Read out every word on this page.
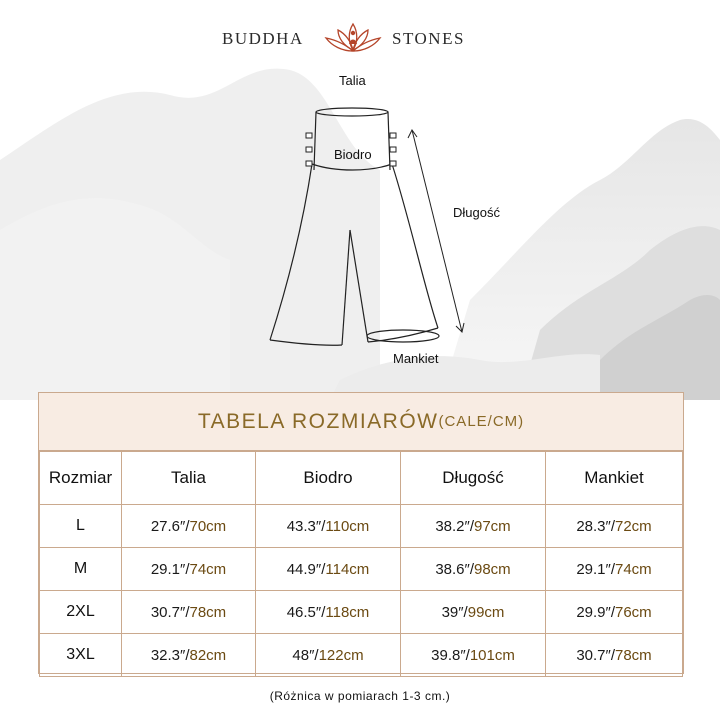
BUDDHA	STONES
Talia
Biodro
Długość
Mankiet
TABELA ROZMIARÓW (CALE/CM)
Rozmiar	Talia	Biodro	Długość	Mankiet
L	27.6″/70cm	43.3″/110cm	38.2″/97cm	28.3″/72cm
M	29.1″/74cm	44.9″/114cm	38.6″/98cm	29.1″/74cm
2XL	30.7″/78cm	46.5″/118cm	39″/99cm	29.9″/76cm
3XL	32.3″/82cm	48″/122cm	39.8″/101cm	30.7″/78cm
(Różnica w pomiarach 1-3 cm.)
